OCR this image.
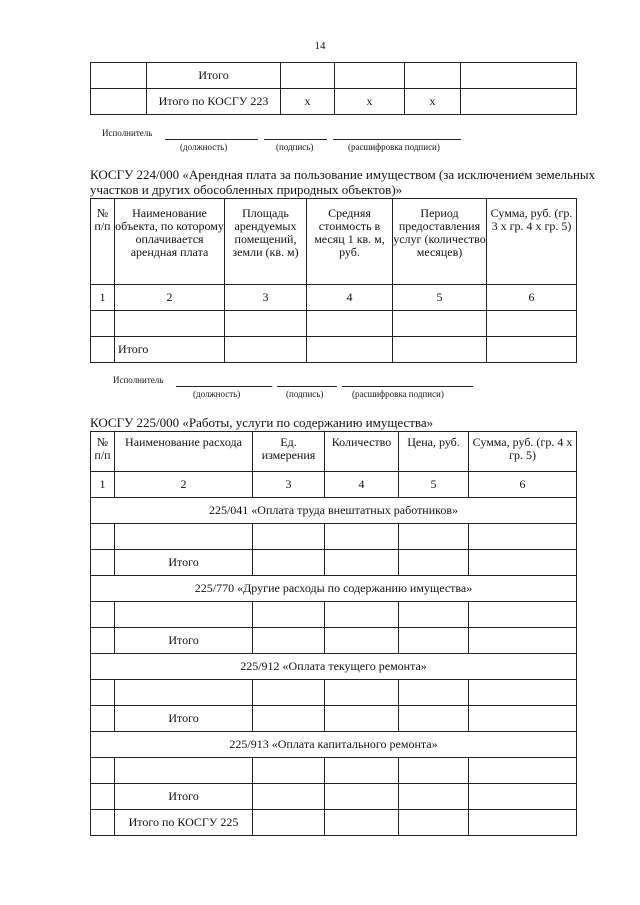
14
	Итого				
	Итого по КОСГУ 223	x	x	x	
Исполнитель
(должность)	(подпись)	(расшифровка подписи)
КОСГУ 224/000 «Арендная плата за пользование имуществом (за исключением земельных
участков и других обособленных природных объектов)»
№ п/п	Наименование объекта, по которому оплачивается арендная плата	Площадь арендуемых помещений, земли (кв. м)	Средняя стоимость в месяц 1 кв. м, руб.	Период предоставления услуг (количество месяцев)	Сумма, руб. (гр. 3 x гр. 4 x гр. 5)
1	2	3	4	5	6

	Итого				
Исполнитель
(должность)	(подпись)	(расшифровка подписи)
КОСГУ 225/000 «Работы, услуги по содержанию имущества»
№ п/п	Наименование расхода	Ед. измерения	Количество	Цена, руб.	Сумма, руб. (гр. 4 x гр. 5)
1	2	3	4	5	6
225/041 «Оплата труда внештатных работников»					

	Итого				
225/770 «Другие расходы по содержанию имущества»					

	Итого				
225/912 «Оплата текущего ремонта»					

	Итого				
225/913 «Оплата капитального ремонта»					

	Итого				
	Итого по КОСГУ 225				
